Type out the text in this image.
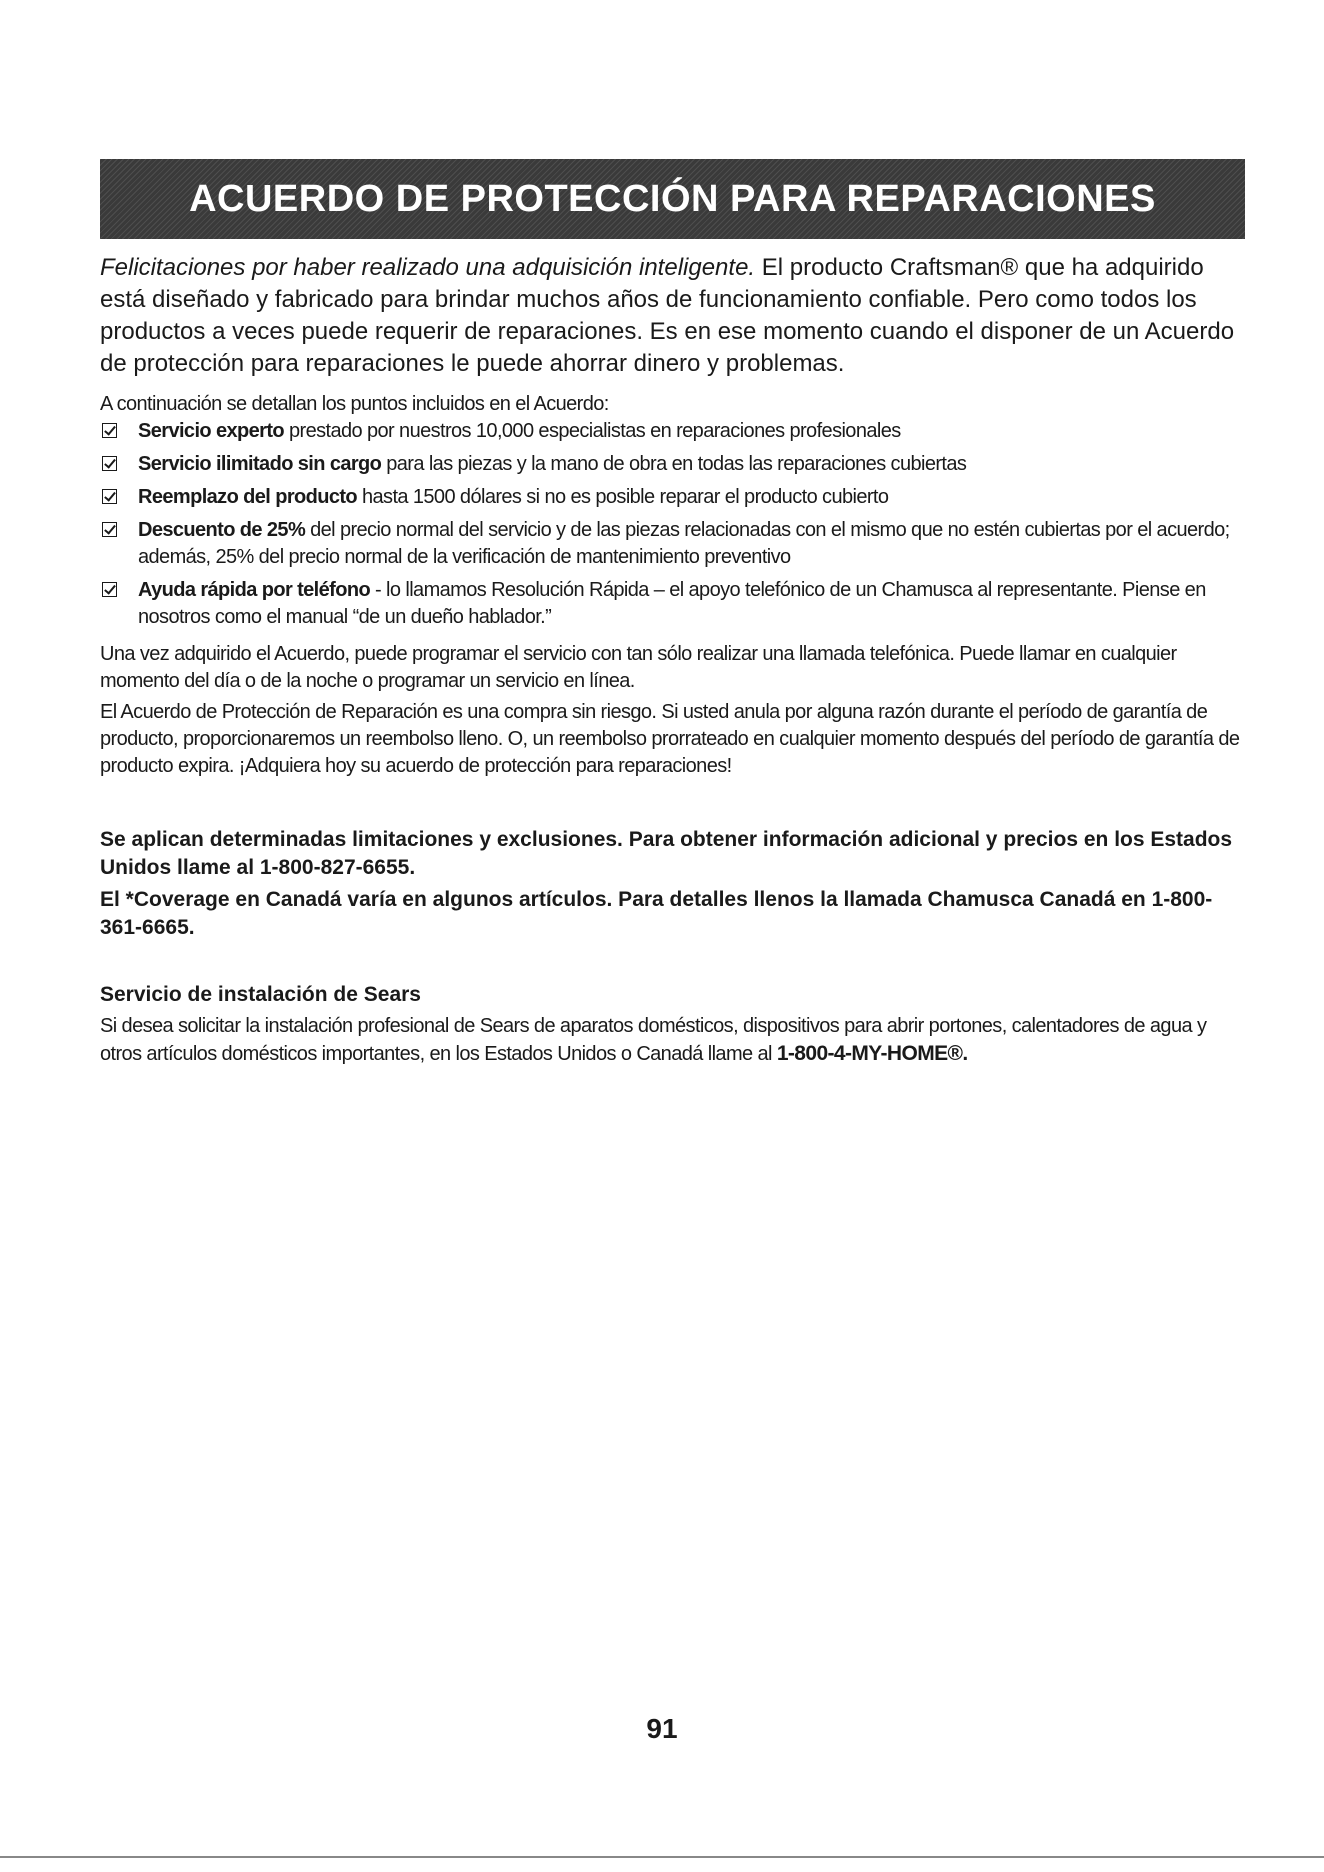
ACUERDO DE PROTECCIÓN PARA REPARACIONES
Felicitaciones por haber realizado una adquisición inteligente. El producto Craftsman® que ha adquirido está diseñado y fabricado para brindar muchos años de funcionamiento confiable. Pero como todos los productos a veces puede requerir de reparaciones. Es en ese momento cuando el disponer de un Acuerdo de protección para reparaciones le puede ahorrar dinero y problemas.
A continuación se detallan los puntos incluidos en el Acuerdo:
Servicio experto prestado por nuestros 10,000 especialistas en reparaciones profesionales
Servicio ilimitado sin cargo para las piezas y la mano de obra en todas las reparaciones cubiertas
Reemplazo del producto hasta 1500 dólares si no es posible reparar el producto cubierto
Descuento de 25% del precio normal del servicio y de las piezas relacionadas con el mismo que no estén cubiertas por el acuerdo; además, 25% del precio normal de la verificación de mantenimiento preventivo
Ayuda rápida por teléfono - lo llamamos Resolución Rápida – el apoyo telefónico de un Chamusca al representante. Piense en nosotros como el manual “de un dueño hablador.”

Una vez adquirido el Acuerdo, puede programar el servicio con tan sólo realizar una llamada telefónica. Puede llamar en cualquier momento del día o de la noche o programar un servicio en línea.

El Acuerdo de Protección de Reparación es una compra sin riesgo. Si usted anula por alguna razón durante el período de garantía de producto, proporcionaremos un reembolso lleno. O, un reembolso prorrateado en cualquier momento después del período de garantía de producto expira. ¡Adquiera hoy su acuerdo de protección para reparaciones!

Se aplican determinadas limitaciones y exclusiones. Para obtener información adicional y precios en los Estados Unidos llame al 1-800-827-6655.

El *Coverage en Canadá varía en algunos artículos. Para detalles llenos la llamada Chamusca Canadá en 1-800-361-6665.

Servicio de instalación de Sears
Si desea solicitar la instalación profesional de Sears de aparatos domésticos, dispositivos para abrir portones, calentadores de agua y otros artículos domésticos importantes, en los Estados Unidos o Canadá llame al 1-800-4-MY-HOME®.
91
